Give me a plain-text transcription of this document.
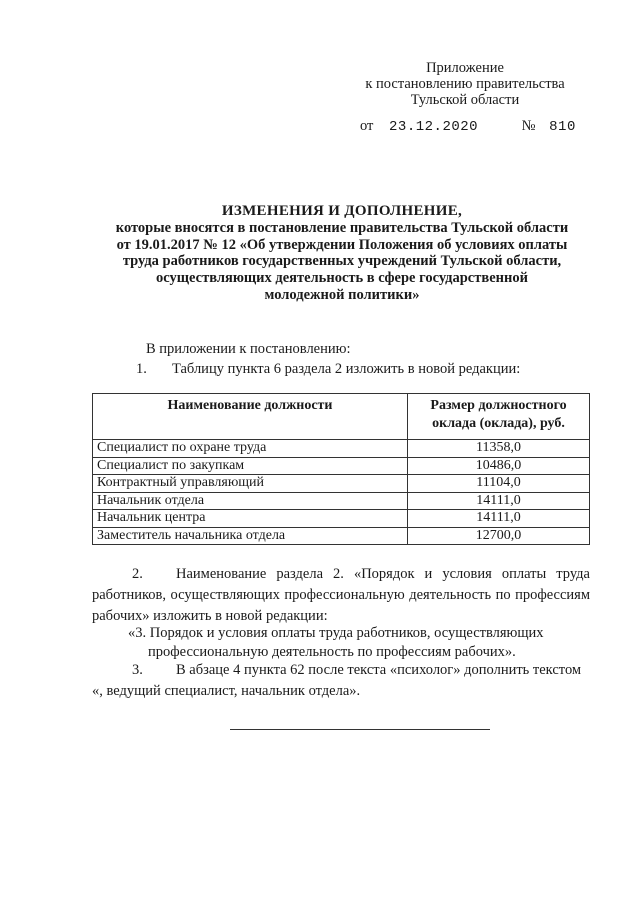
Приложение
к постановлению правительства
Тульской области
от 23.12.2020	№ 810
ИЗМЕНЕНИЯ И ДОПОЛНЕНИЕ,
которые вносятся в постановление правительства Тульской области
от 19.01.2017 № 12 «Об утверждении Положения об условиях оплаты
труда работников государственных учреждений Тульской области,
осуществляющих деятельность в сфере государственной
молодежной политики»
В приложении к постановлению:
1. Таблицу пункта 6 раздела 2 изложить в новой редакции:
Наименование должности	Размер должностного оклада (оклада), руб.
Специалист по охране труда	11358,0
Специалист по закупкам	10486,0
Контрактный управляющий	11104,0
Начальник отдела	14111,0
Начальник центра	14111,0
Заместитель начальника отдела	12700,0
2. Наименование раздела 2. «Порядок и условия оплаты труда работников, осуществляющих профессиональную деятельность по профессиям рабочих» изложить в новой редакции:
«3. Порядок и условия оплаты труда работников, осуществляющих
профессиональную деятельность по профессиям рабочих».
3. В абзаце 4 пункта 62 после текста «психолог» дополнить текстом «, ведущий специалист, начальник отдела».
